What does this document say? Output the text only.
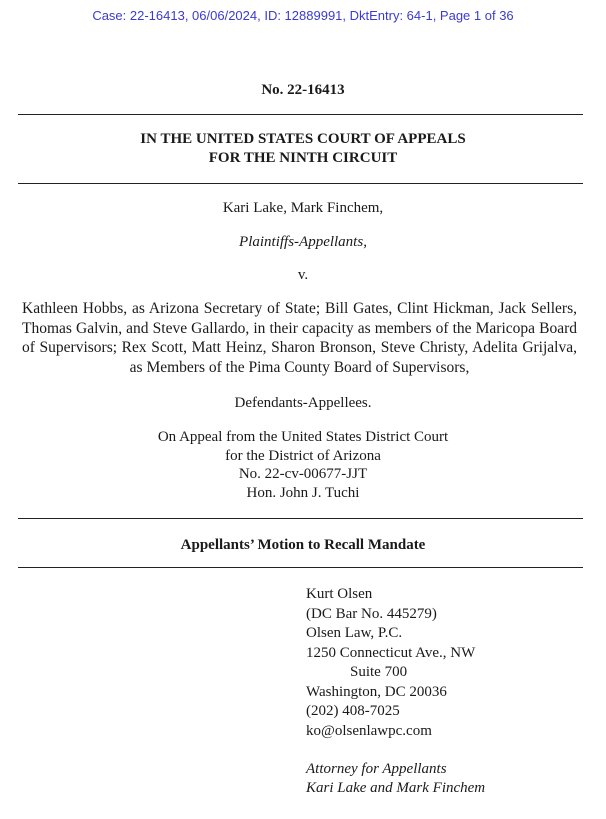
Case: 22-16413, 06/06/2024, ID: 12889991, DktEntry: 64-1, Page 1 of 36
No. 22-16413
IN THE UNITED STATES COURT OF APPEALS
FOR THE NINTH CIRCUIT
Kari Lake, Mark Finchem,
Plaintiffs-Appellants,
v.
Kathleen Hobbs, as Arizona Secretary of State; Bill Gates, Clint Hickman, Jack Sellers, Thomas Galvin, and Steve Gallardo, in their capacity as members of the Maricopa Board of Supervisors; Rex Scott, Matt Heinz, Sharon Bronson, Steve Christy, Adelita Grijalva, as Members of the Pima County Board of Supervisors,
Defendants-Appellees.
On Appeal from the United States District Court
for the District of Arizona
No. 22-cv-00677-JJT
Hon. John J. Tuchi
Appellants’ Motion to Recall Mandate
Kurt Olsen
(DC Bar No. 445279)
Olsen Law, P.C.
1250 Connecticut Ave., NW
Suite 700
Washington, DC 20036
(202) 408-7025
ko@olsenlawpc.com
Attorney for Appellants
Kari Lake and Mark Finchem
